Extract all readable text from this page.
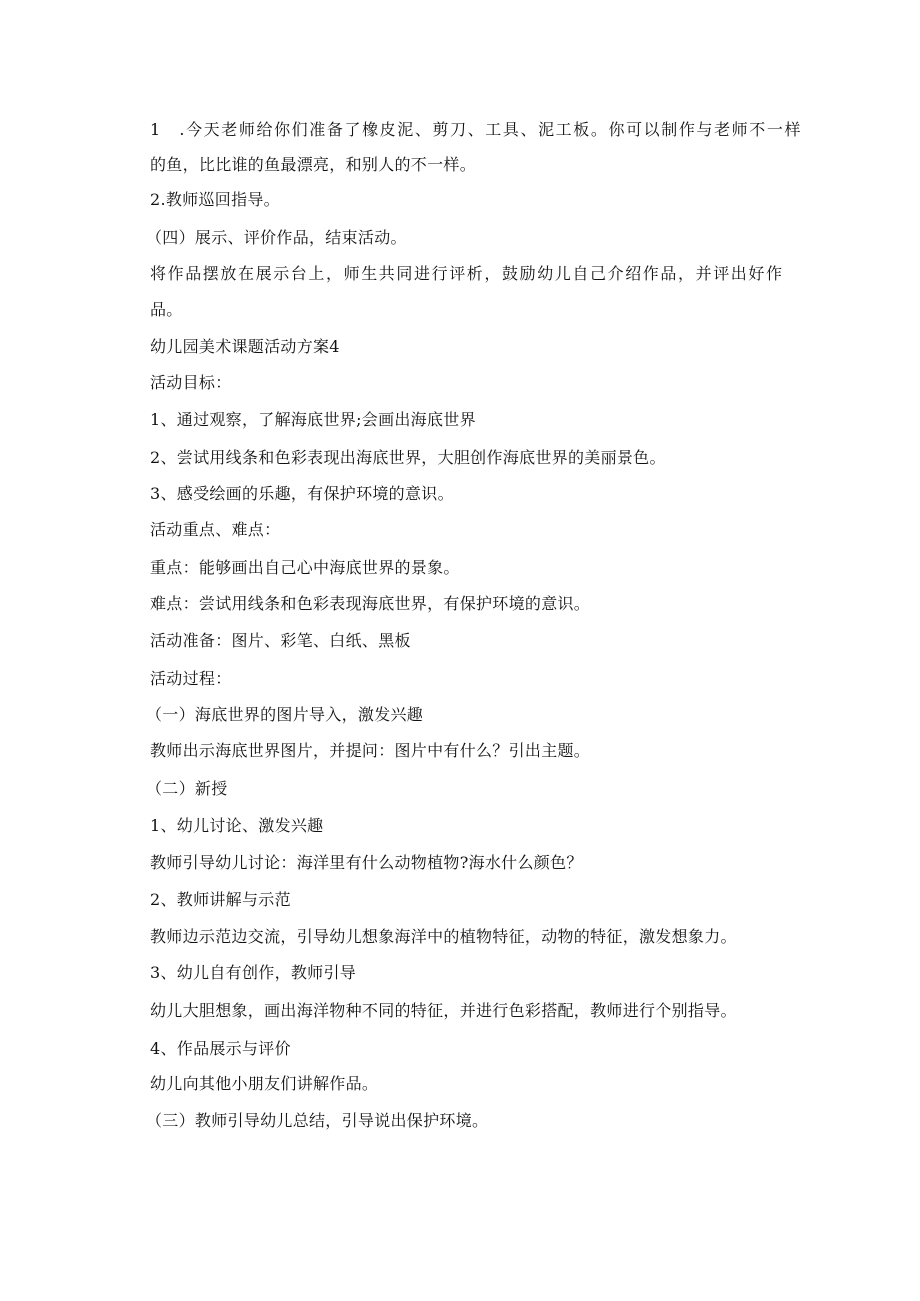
1　.今天老师给你们准备了橡皮泥、剪刀、工具、泥工板。你可以制作与老师不一样
的鱼，比比谁的鱼最漂亮，和别人的不一样。
2.教师巡回指导。
（四）展示、评价作品，结束活动。
将作品摆放在展示台上，师生共同进行评析，鼓励幼儿自己介绍作品，并评出好作
品。
幼儿园美术课题活动方案4
活动目标：
1、通过观察，了解海底世界;会画出海底世界
2、尝试用线条和色彩表现出海底世界，大胆创作海底世界的美丽景色。
3、感受绘画的乐趣，有保护环境的意识。
活动重点、难点：
重点：能够画出自己心中海底世界的景象。
难点：尝试用线条和色彩表现海底世界，有保护环境的意识。
活动准备：图片、彩笔、白纸、黑板
活动过程：
（一）海底世界的图片导入，激发兴趣
教师出示海底世界图片，并提问：图片中有什么？引出主题。
（二）新授
1、幼儿讨论、激发兴趣
教师引导幼儿讨论：海洋里有什么动物植物?海水什么颜色？
2、教师讲解与示范
教师边示范边交流，引导幼儿想象海洋中的植物特征，动物的特征，激发想象力。
3、幼儿自有创作，教师引导
幼儿大胆想象，画出海洋物种不同的特征，并进行色彩搭配，教师进行个别指导。
4、作品展示与评价
幼儿向其他小朋友们讲解作品。
（三）教师引导幼儿总结，引导说出保护环境。
